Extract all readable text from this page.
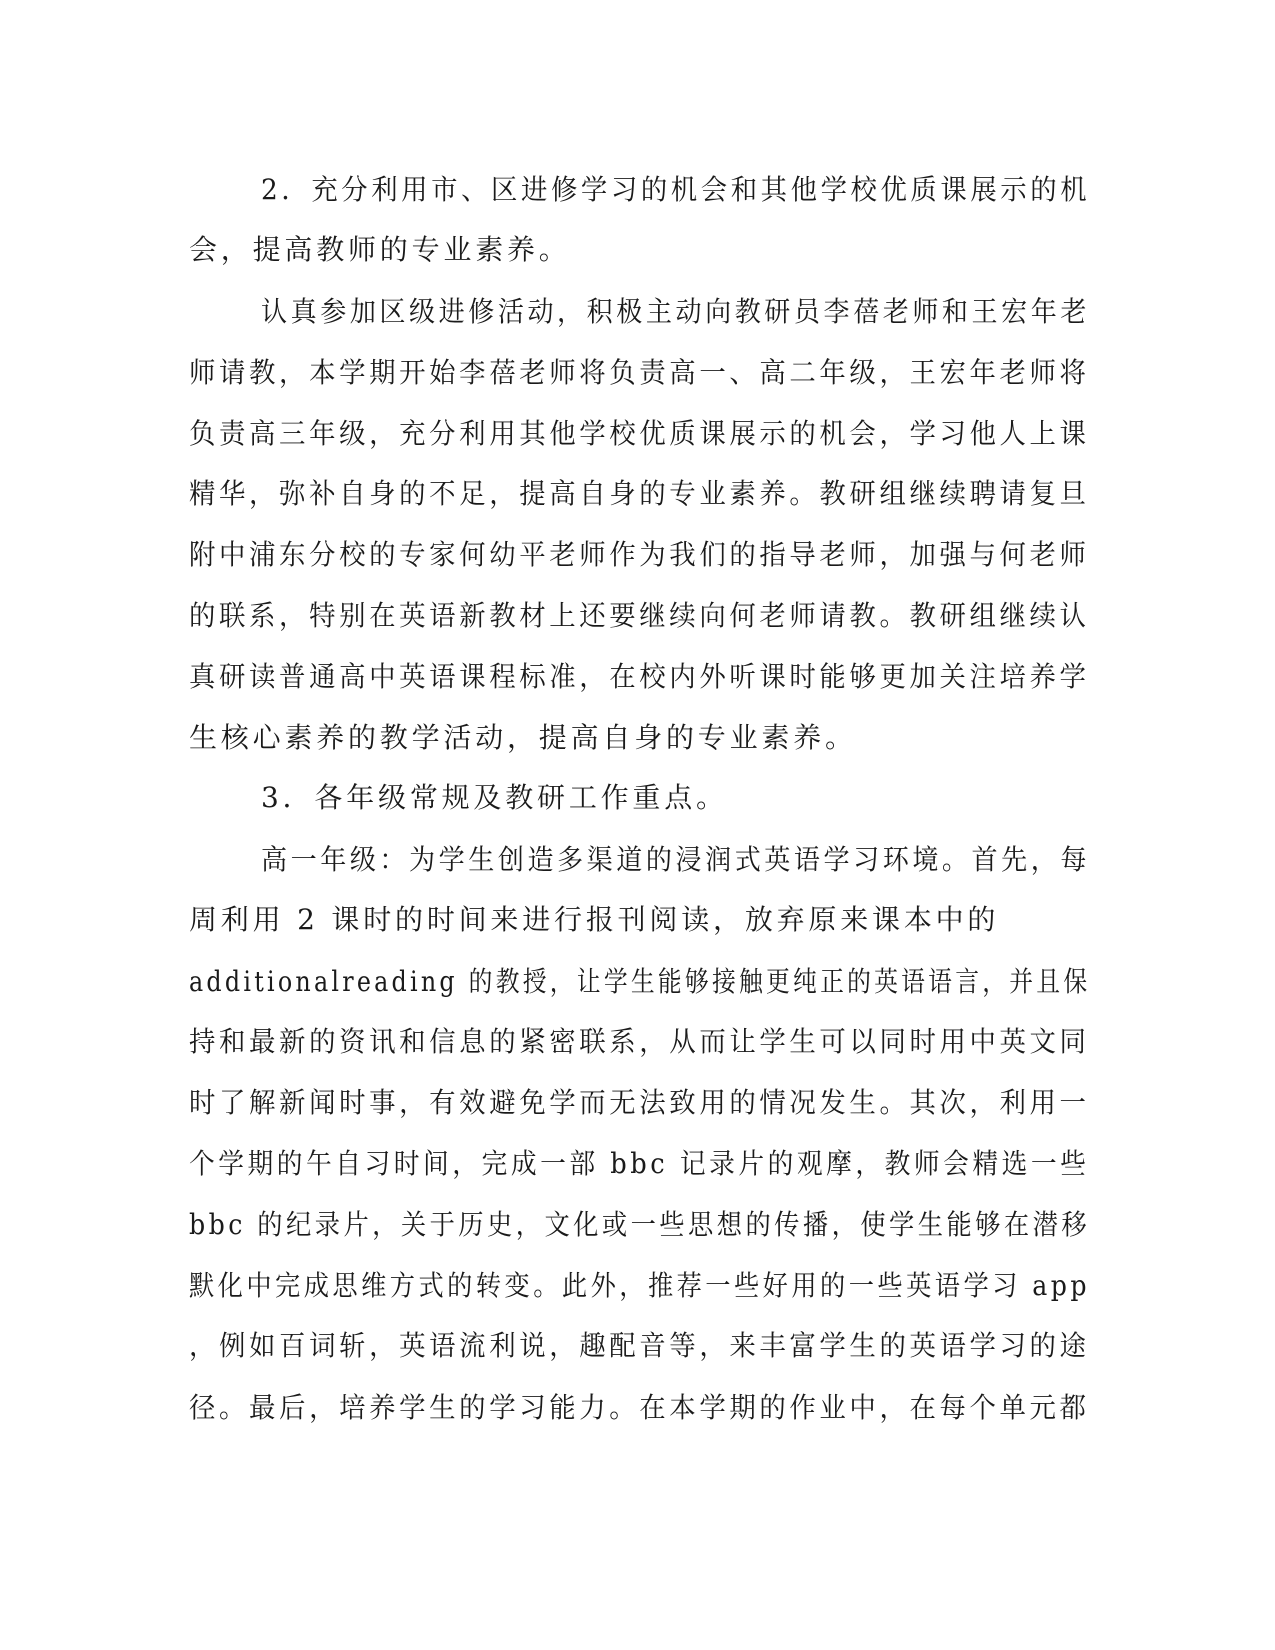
2．充分利用市、区进修学习的机会和其他学校优质课展示的机

会，提高教师的专业素养。

认真参加区级进修活动，积极主动向教研员李蓓老师和王宏年老

师请教，本学期开始李蓓老师将负责高一、高二年级，王宏年老师将

负责高三年级，充分利用其他学校优质课展示的机会，学习他人上课

精华，弥补自身的不足，提高自身的专业素养。教研组继续聘请复旦

附中浦东分校的专家何幼平老师作为我们的指导老师，加强与何老师

的联系，特别在英语新教材上还要继续向何老师请教。教研组继续认

真研读普通高中英语课程标准，在校内外听课时能够更加关注培养学

生核心素养的教学活动，提高自身的专业素养。

3．各年级常规及教研工作重点。

高一年级：为学生创造多渠道的浸润式英语学习环境。首先，每

周利用 2 课时的时间来进行报刊阅读，放弃原来课本中的

additionalreading 的教授，让学生能够接触更纯正的英语语言，并且保

持和最新的资讯和信息的紧密联系，从而让学生可以同时用中英文同

时了解新闻时事，有效避免学而无法致用的情况发生。其次，利用一

个学期的午自习时间，完成一部 bbc 记录片的观摩，教师会精选一些

bbc 的纪录片，关于历史，文化或一些思想的传播，使学生能够在潜移

默化中完成思维方式的转变。此外，推荐一些好用的一些英语学习 app

，例如百词斩，英语流利说，趣配音等，来丰富学生的英语学习的途

径。最后，培养学生的学习能力。在本学期的作业中，在每个单元都
